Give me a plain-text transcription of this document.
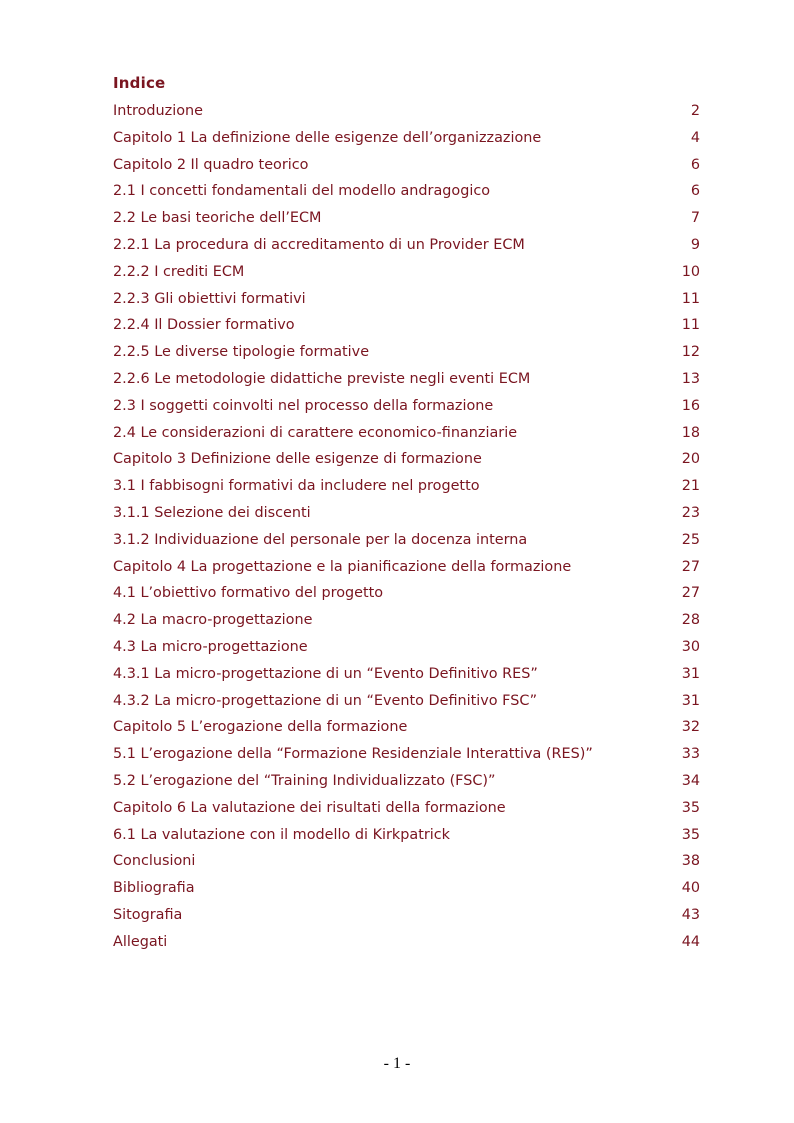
Indice
Introduzione	2
Capitolo 1 La definizione delle esigenze dell’organizzazione	4
Capitolo 2 Il quadro teorico	6
2.1 I concetti fondamentali del modello andragogico	6
2.2 Le basi teoriche dell’ECM	7
2.2.1 La procedura di accreditamento di un Provider ECM	9
2.2.2 I crediti ECM	10
2.2.3 Gli obiettivi formativi	11
2.2.4 Il Dossier formativo	11
2.2.5 Le diverse tipologie formative	12
2.2.6 Le metodologie didattiche previste negli eventi ECM	13
2.3 I soggetti coinvolti nel processo della formazione	16
2.4 Le considerazioni di carattere economico-finanziarie	18
Capitolo 3 Definizione delle esigenze di formazione	20
3.1 I fabbisogni formativi da includere nel progetto	21
3.1.1 Selezione dei discenti	23
3.1.2 Individuazione del personale per la docenza interna	25
Capitolo 4 La progettazione e la pianificazione della formazione	27
4.1 L’obiettivo formativo del progetto	27
4.2 La macro-progettazione	28
4.3 La micro-progettazione	30
4.3.1 La micro-progettazione di un “Evento Definitivo RES”	31
4.3.2 La micro-progettazione di un “Evento Definitivo FSC”	31
Capitolo 5 L’erogazione della formazione	32
5.1 L’erogazione della “Formazione Residenziale Interattiva (RES)”	33
5.2 L’erogazione del “Training Individualizzato (FSC)”	34
Capitolo 6 La valutazione dei risultati della formazione	35
6.1 La valutazione con il modello di Kirkpatrick	35
Conclusioni	38
Bibliografia	40
Sitografia	43
Allegati	44
- 1 -
